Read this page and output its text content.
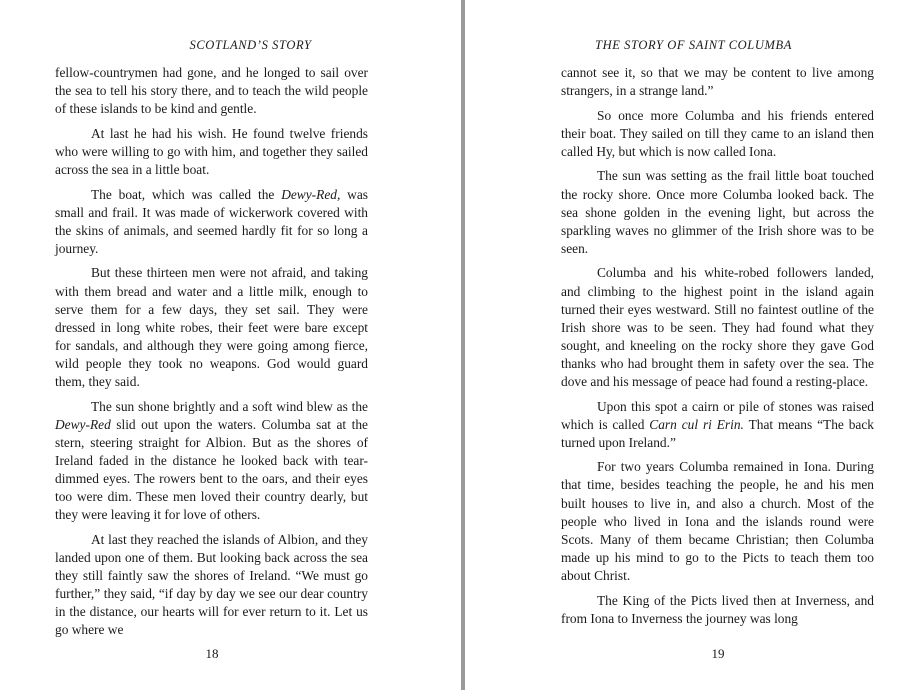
SCOTLAND’S STORY

fellow-countrymen had gone, and he longed to sail over the sea to tell his story there, and to teach the wild people of these islands to be kind and gentle.

At last he had his wish. He found twelve friends who were willing to go with him, and together they sailed across the sea in a little boat.

The boat, which was called the Dewy-Red, was small and frail. It was made of wickerwork covered with the skins of animals, and seemed hardly fit for so long a journey.

But these thirteen men were not afraid, and taking with them bread and water and a little milk, enough to serve them for a few days, they set sail. They were dressed in long white robes, their feet were bare except for sandals, and although they were going among fierce, wild people they took no weapons. God would guard them, they said.

The sun shone brightly and a soft wind blew as the Dewy-Red slid out upon the waters. Columba sat at the stern, steering straight for Albion. But as the shores of Ireland faded in the distance he looked back with tear-dimmed eyes. The rowers bent to the oars, and their eyes too were dim. These men loved their country dearly, but they were leaving it for love of others.

At last they reached the islands of Albion, and they landed upon one of them. But looking back across the sea they still faintly saw the shores of Ireland. “We must go further,” they said, “if day by day we see our dear country in the distance, our hearts will for ever return to it. Let us go where we

18
THE STORY OF SAINT COLUMBA

cannot see it, so that we may be content to live among strangers, in a strange land.”

So once more Columba and his friends entered their boat. They sailed on till they came to an island then called Hy, but which is now called Iona.

The sun was setting as the frail little boat touched the rocky shore. Once more Columba looked back. The sea shone golden in the evening light, but across the sparkling waves no glimmer of the Irish shore was to be seen.

Columba and his white-robed followers landed, and climbing to the highest point in the island again turned their eyes westward. Still no faintest outline of the Irish shore was to be seen. They had found what they sought, and kneeling on the rocky shore they gave God thanks who had brought them in safety over the sea. The dove and his message of peace had found a resting-place.

Upon this spot a cairn or pile of stones was raised which is called Carn cul ri Erin. That means “The back turned upon Ireland.”

For two years Columba remained in Iona. During that time, besides teaching the people, he and his men built houses to live in, and also a church. Most of the people who lived in Iona and the islands round were Scots. Many of them became Christian; then Columba made up his mind to go to the Picts to teach them too about Christ.

The King of the Picts lived then at Inverness, and from Iona to Inverness the journey was long

19
